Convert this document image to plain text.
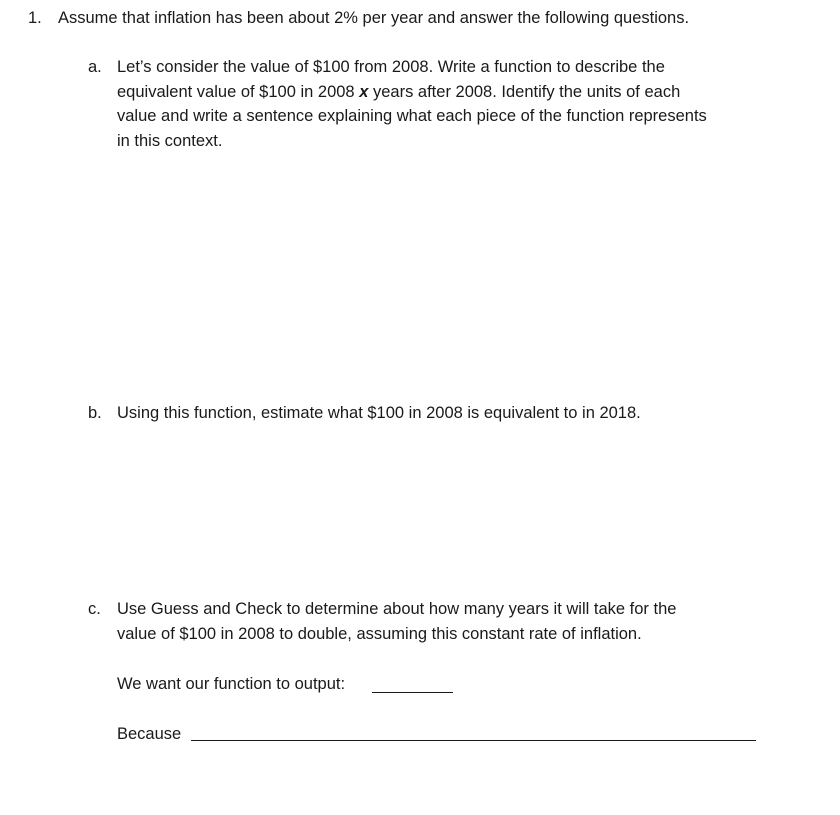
1. Assume that inflation has been about 2% per year and answer the following questions.
a. Let’s consider the value of $100 from 2008. Write a function to describe the
equivalent value of $100 in 2008 x years after 2008. Identify the units of each
value and write a sentence explaining what each piece of the function represents
in this context.
b. Using this function, estimate what $100 in 2008 is equivalent to in 2018.
c. Use Guess and Check to determine about how many years it will take for the
value of $100 in 2008 to double, assuming this constant rate of inflation.
We want our function to output:
Because
